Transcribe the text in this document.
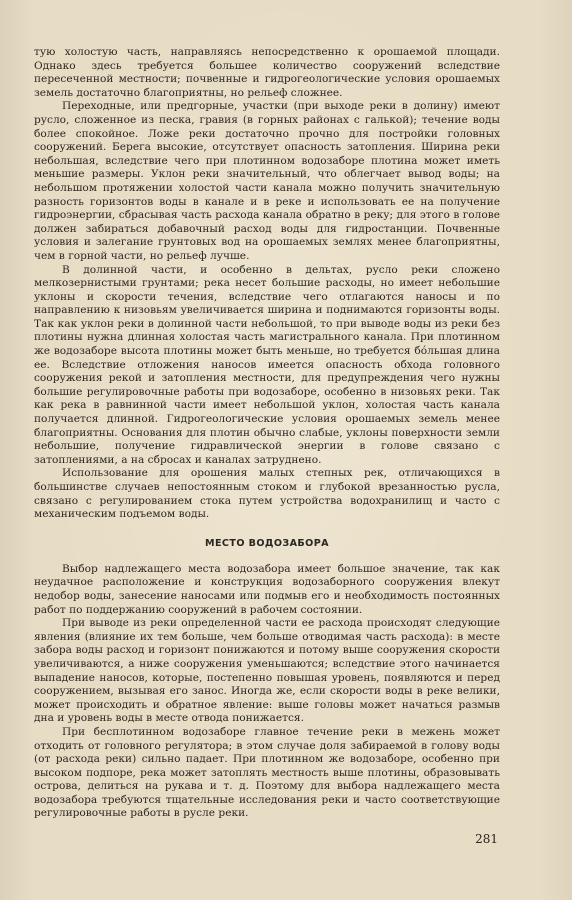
тую холостую часть, направляясь непосредственно к орошаемой площади. Однако здесь требуется большее количество сооружений вследствие пересеченной местности; почвенные и гидрогеологические условия орошаемых земель достаточно благоприятны, но рельеф сложнее.

Переходные, или предгорные, участки (при выходе реки в долину) имеют русло, сложенное из песка, гравия (в горных районах с галькой); течение воды более спокойное. Ложе реки достаточно прочно для постройки головных сооружений. Берега высокие, отсутствует опасность затопления. Ширина реки небольшая, вследствие чего при плотинном водозаборе плотина может иметь меньшие размеры. Уклон реки значительный, что облегчает вывод воды; на небольшом протяжении холостой части канала можно получить значительную разность горизонтов воды в канале и в реке и использовать ее на получение гидроэнергии, сбрасывая часть расхода канала обратно в реку; для этого в голове должен забираться добавочный расход воды для гидростанции. Почвенные условия и залегание грунтовых вод на орошаемых землях менее благоприятны, чем в горной части, но рельеф лучше.

В долинной части, и особенно в дельтах, русло реки сложено мелкозернистыми грунтами; река несет большие расходы, но имеет небольшие уклоны и скорости течения, вследствие чего отлагаются наносы и по направлению к низовьям увеличивается ширина и поднимаются горизонты воды. Так как уклон реки в долинной части небольшой, то при выводе воды из реки без плотины нужна длинная холостая часть магистрального канала. При плотинном же водозаборе высота плотины может быть меньше, но требуется бóльшая длина ее. Вследствие отложения наносов имеется опасность обхода головного сооружения рекой и затопления местности, для предупреждения чего нужны большие регулировочные работы при водозаборе, особенно в низовьях реки. Так как река в равнинной части имеет небольшой уклон, холостая часть канала получается длинной. Гидрогеологические условия орошаемых земель менее благоприятны. Основания для плотин обычно слабые, уклоны поверхности земли небольшие, получение гидравлической энергии в голове связано с затоплениями, а на сбросах и каналах затруднено.

Использование для орошения малых степных рек, отличающихся в большинстве случаев непостоянным стоком и глубокой врезанностью русла, связано с регулированием стока путем устройства водохранилищ и часто с механическим подъемом воды.

МЕСТО ВОДОЗАБОРА

Выбор надлежащего места водозабора имеет большое значение, так как неудачное расположение и конструкция водозаборного сооружения влекут недобор воды, занесение наносами или подмыв его и необходимость постоянных работ по поддержанию сооружений в рабочем состоянии.

При выводе из реки определенной части ее расхода происходят следующие явления (влияние их тем больше, чем больше отводимая часть расхода): в месте забора воды расход и горизонт понижаются и потому выше сооружения скорости увеличиваются, а ниже сооружения уменьшаются; вследствие этого начинается выпадение наносов, которые, постепенно повышая уровень, появляются и перед сооружением, вызывая его занос. Иногда же, если скорости воды в реке велики, может происходить и обратное явление: выше головы может начаться размыв дна и уровень воды в месте отвода понижается.

При бесплотинном водозаборе главное течение реки в межень может отходить от головного регулятора; в этом случае доля забираемой в голову воды (от расхода реки) сильно падает. При плотинном же водозаборе, особенно при высоком подпоре, река может затоплять местность выше плотины, образовывать острова, делиться на рукава и т. д. Поэтому для выбора надлежащего места водозабора требуются тщательные исследования реки и часто соответствующие регулировочные работы в русле реки.

281
